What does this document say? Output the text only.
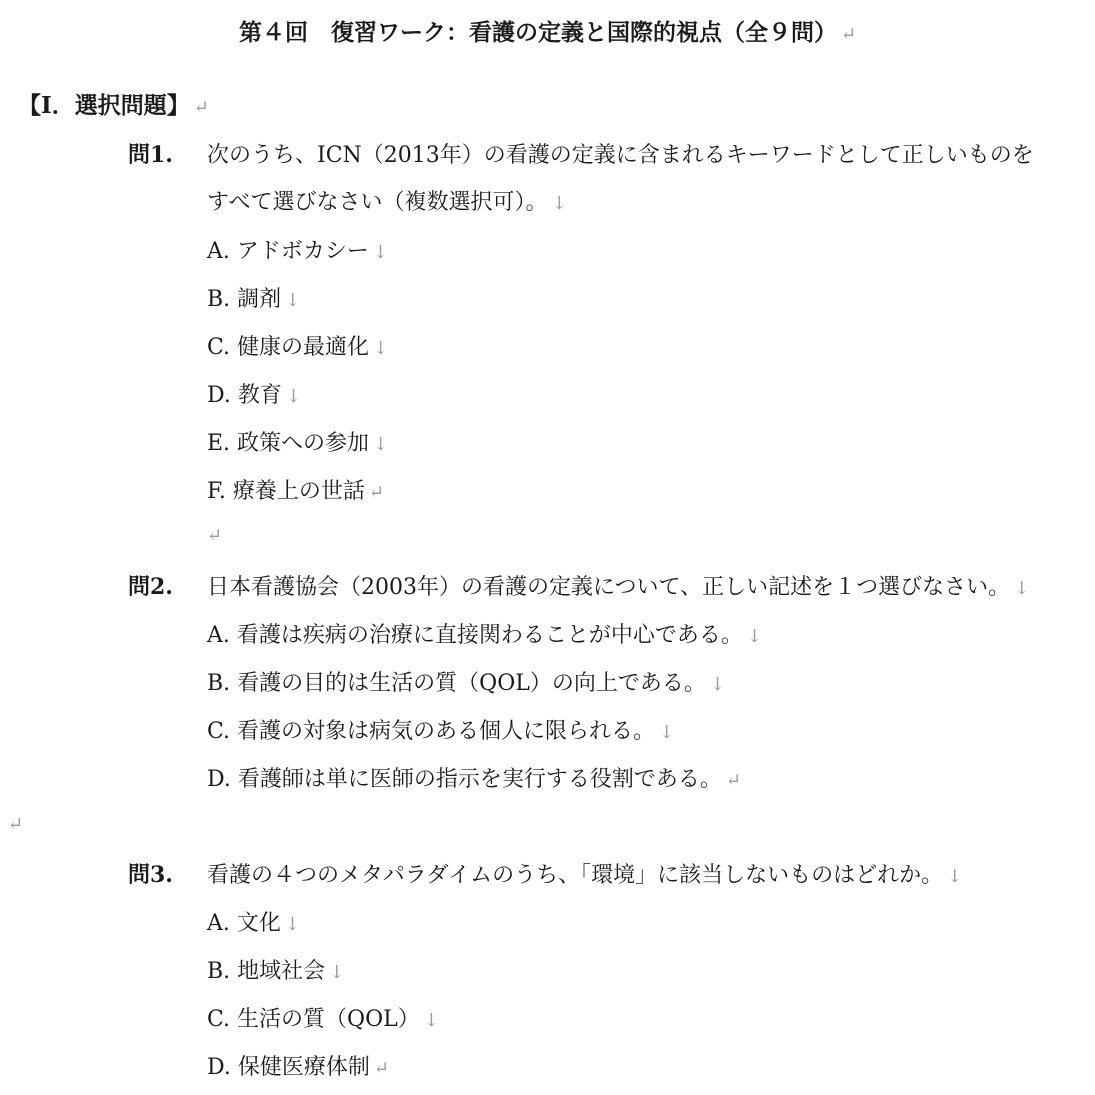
第４回　復習ワーク：看護の定義と国際的視点（全９問） ↵
【Ⅰ．選択問題】 ↵
問1. 次のうち、ICN（2013年）の看護の定義に含まれるキーワードとして正しいものを
すべて選びなさい（複数選択可）。 ↓
A. アドボカシー ↓
B. 調剤 ↓
C. 健康の最適化 ↓
D. 教育 ↓
E. 政策への参加 ↓
F. 療養上の世話 ↵
↵
問2. 日本看護協会（2003年）の看護の定義について、正しい記述を１つ選びなさい。 ↓
A. 看護は疾病の治療に直接関わることが中心である。 ↓
B. 看護の目的は生活の質（QOL）の向上である。 ↓
C. 看護の対象は病気のある個人に限られる。 ↓
D. 看護師は単に医師の指示を実行する役割である。 ↵
↵
問3. 看護の４つのメタパラダイムのうち、「環境」に該当しないものはどれか。 ↓
A. 文化 ↓
B. 地域社会 ↓
C. 生活の質（QOL） ↓
D. 保健医療体制 ↵
